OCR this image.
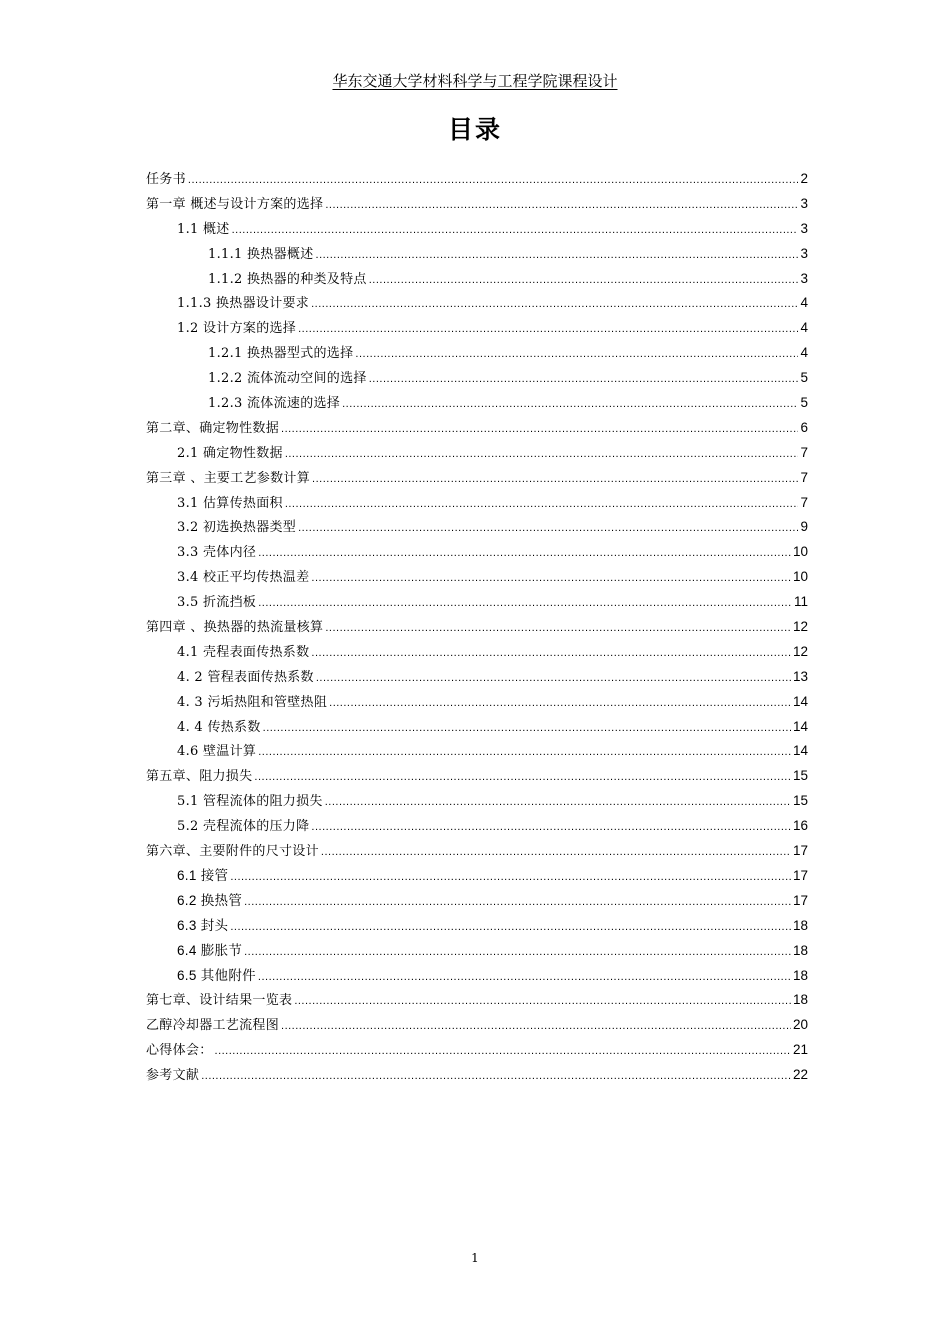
华东交通大学材料科学与工程学院课程设计
目录
任务书 .....	2
第一章 概述与设计方案的选择 .....	3
1.1 概述 .....	3
1.1.1 换热器概述 .....	3
1.1.2 换热器的种类及特点 .....	3
1.1.3 换热器设计要求 .....	4
1.2 设计方案的选择 .....	4
1.2.1 换热器型式的选择 .....	4
1.2.2 流体流动空间的选择 .....	5
1.2.3 流体流速的选择 .....	5
第二章、确定物性数据 .....	6
2.1 确定物性数据 .....	7
第三章 、主要工艺参数计算 .....	7
3.1 估算传热面积 .....	7
3.2 初选换热器类型 .....	9
3.3 壳体内径 .....	10
3.4 校正平均传热温差 .....	10
3.5 折流挡板 .....	11
第四章 、换热器的热流量核算 .....	12
4.1 壳程表面传热系数 .....	12
4. 2 管程表面传热系数 .....	13
4. 3 污垢热阻和管壁热阻 .....	14
4. 4 传热系数 .....	14
4.6 壁温计算 .....	14
第五章、阻力损失 .....	15
5.1 管程流体的阻力损失 .....	15
5.2 壳程流体的压力降 .....	16
第六章、主要附件的尺寸设计 .....	17
6.1 接管 .....	17
6.2 换热管 .....	17
6.3 封头 .....	18
6.4 膨胀节 .....	18
6.5 其他附件 .....	18
第七章、设计结果一览表 .....	18
乙醇冷却器工艺流程图 .....	20
心得体会： .....	21
参考文献 .....	22
1
